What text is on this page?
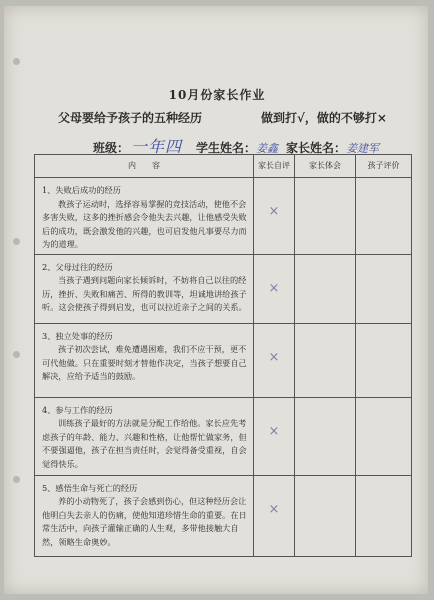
10月份家长作业
父母要给予孩子的五种经历	做到打√，做的不够打×
班级： 一年四 学生姓名：姜鑫 家长姓名：姜建军
内　　容	家长自评	家长体会	孩子评价

1、失败后成功的经历
教孩子运动时，选择容易掌握的竞技活动，使他不会多害失败，这多的挫折感会令他失去兴趣，让他感受失败后的成功，既会激发他的兴趣，也可启发他凡事要尽力而为的道理。	×		

2、父母过往的经历
当孩子遇到问题向家长倾诉时，不妨将自己以往的经历，挫折、失败和痛苦、所得的教训等，坦诚地讲给孩子听。这会使孩子得到启发，也可以拉近亲子之间的关系。	×		

3、独立处事的经历
孩子初次尝试，难免遭遇困难，我们不应干预，更不可代他做。只在重要时刻才替他作决定，当孩子想要自己解决，应给予适当的鼓励。	×		

4、参与工作的经历
训练孩子最好的方法就是分配工作给他。家长应先考虑孩子的年龄、能力、兴趣和性格，让他帮忙做家务，但不要强逼他，孩子在担当责任时，会觉得备受重视，自会觉得快乐。	×		

5、感悟生命与死亡的经历
养的小动物死了，孩子会感到伤心，但这种经历会让他明白失去亲人的伤痛，使他知道珍惜生命的重要。在日常生活中，向孩子灌输正确的人生观，多带他接触大自然，领略生命奥妙。	×		
